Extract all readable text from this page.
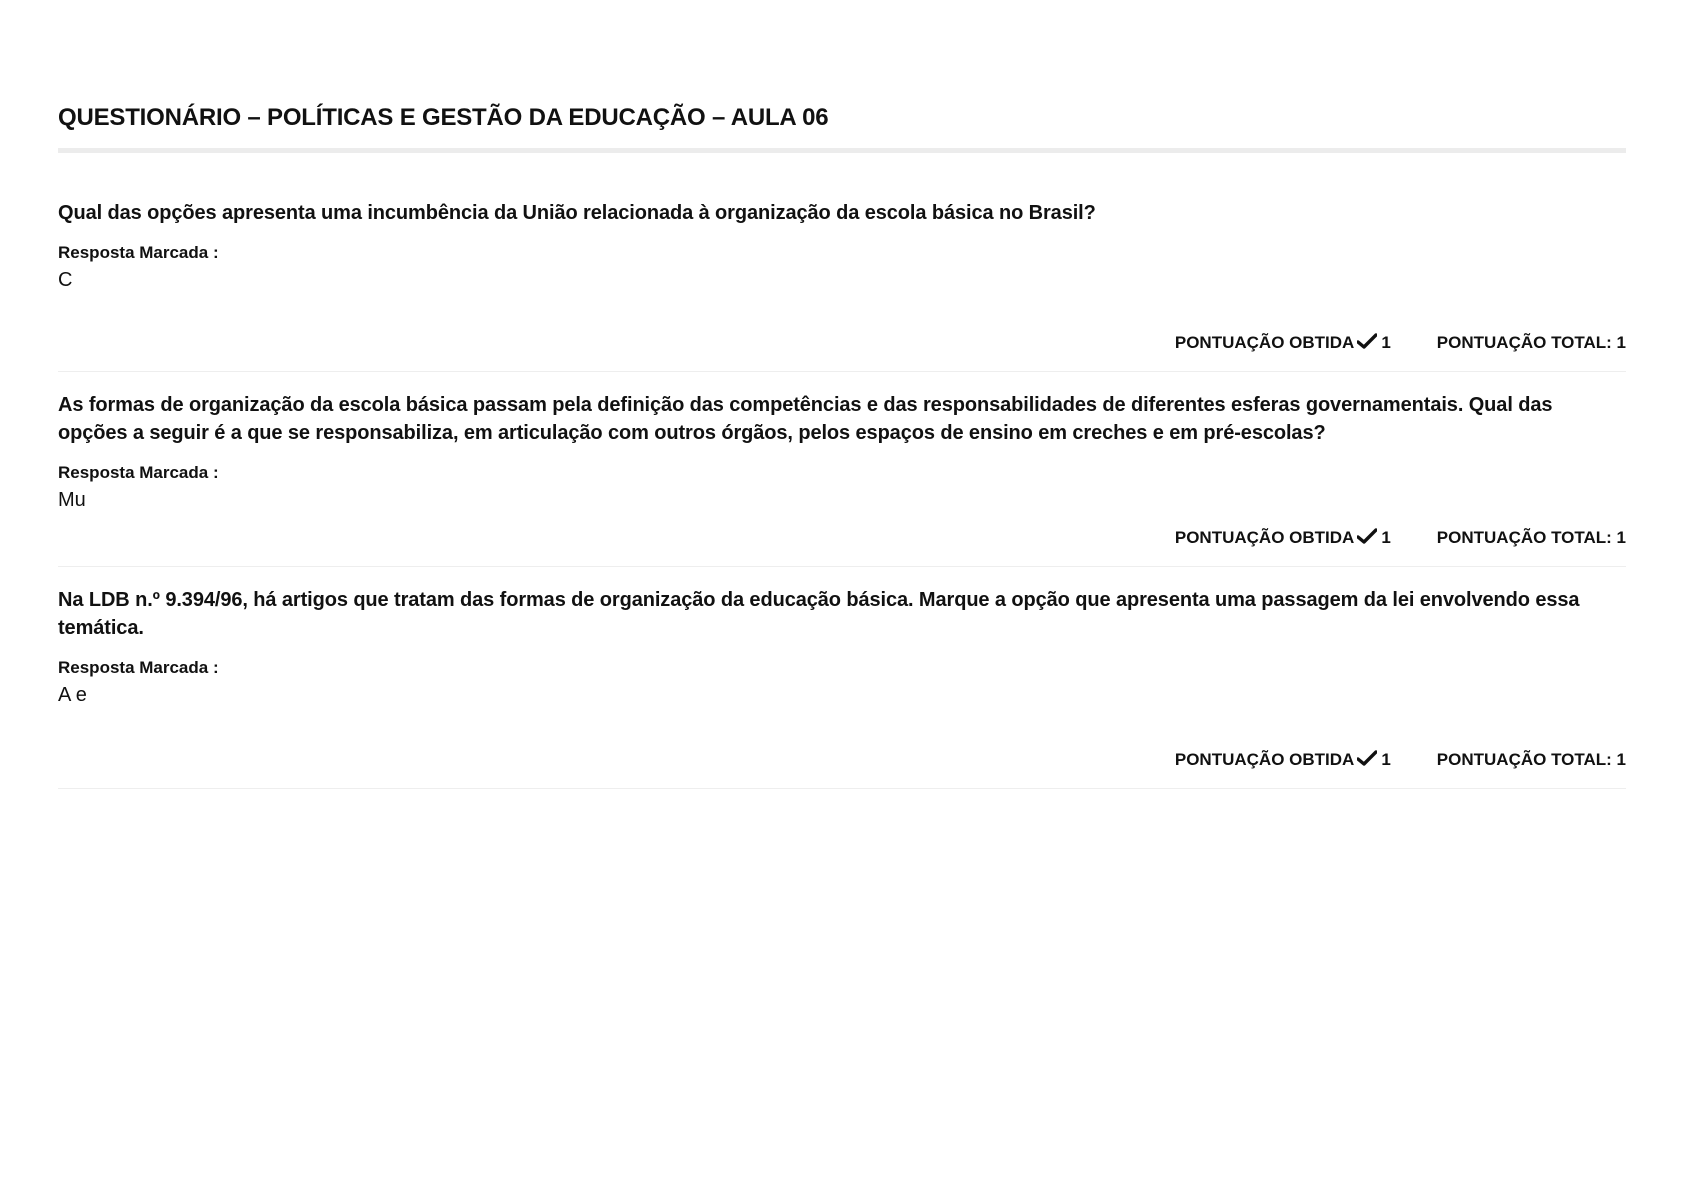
QUESTIONÁRIO – POLÍTICAS E GESTÃO DA EDUCAÇÃO – AULA 06

Qual das opções apresenta uma incumbência da União relacionada à organização da escola básica no Brasil?

Resposta Marcada :
C
PONTUAÇÃO OBTIDA 1	PONTUAÇÃO TOTAL: 1

As formas de organização da escola básica passam pela definição das competências e das responsabilidades de diferentes esferas governamentais. Qual das opções a seguir é a que se responsabiliza, em articulação com outros órgãos, pelos espaços de ensino em creches e em pré-escolas?

Resposta Marcada :
Mu
PONTUAÇÃO OBTIDA 1	PONTUAÇÃO TOTAL: 1

Na LDB n.º 9.394/96, há artigos que tratam das formas de organização da educação básica. Marque a opção que apresenta uma passagem da lei envolvendo essa temática.

Resposta Marcada :
A e
PONTUAÇÃO OBTIDA 1	PONTUAÇÃO TOTAL: 1
